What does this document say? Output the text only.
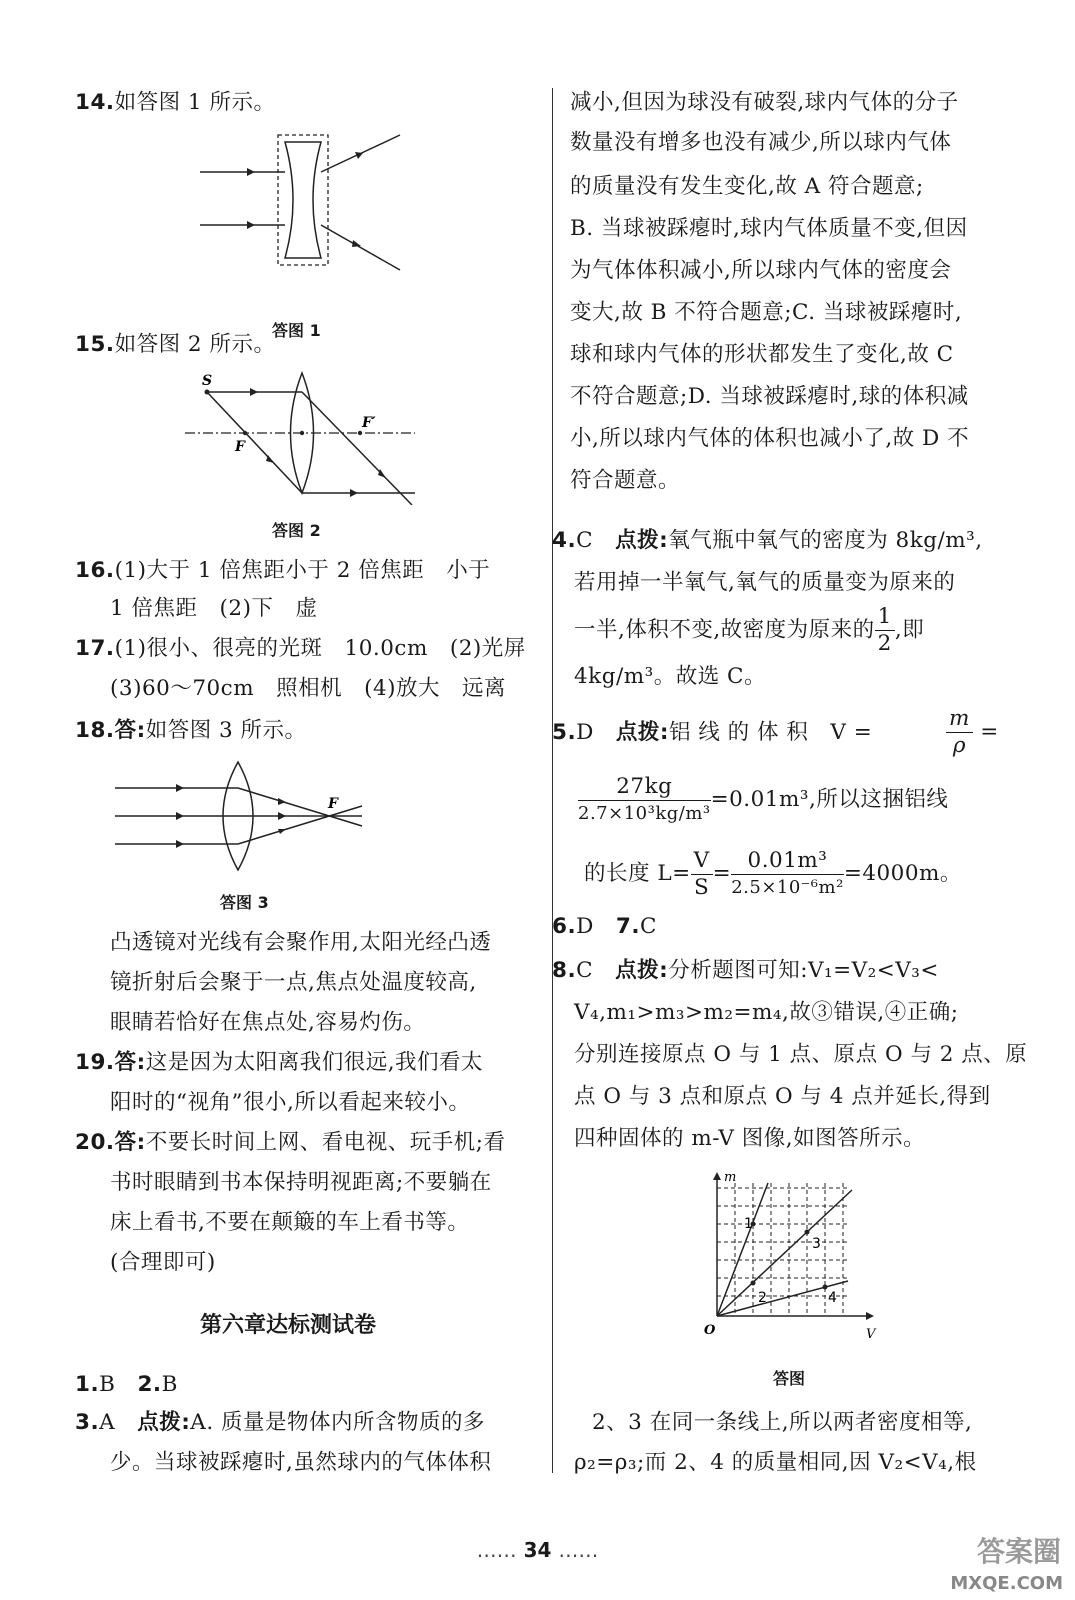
14.如答图 1 所示。
答图 1
15.如答图 2 所示。
S
F
F′
答图 2
16.(1)大于 1 倍焦距小于 2 倍焦距　小于
1 倍焦距　(2)下　虚
17.(1)很小、很亮的光斑　10.0cm　(2)光屏
(3)60～70cm　照相机　(4)放大　远离
18.答:如答图 3 所示。
F
答图 3
凸透镜对光线有会聚作用,太阳光经凸透
镜折射后会聚于一点,焦点处温度较高,
眼睛若恰好在焦点处,容易灼伤。
19.答:这是因为太阳离我们很远,我们看太
阳时的“视角”很小,所以看起来较小。
20.答:不要长时间上网、看电视、玩手机;看
书时眼睛到书本保持明视距离;不要躺在
床上看书,不要在颠簸的车上看书等。
(合理即可)
第六章达标测试卷
1.B　 2.B
3.A　 点拨:A. 质量是物体内所含物质的多
少。当球被踩瘪时,虽然球内的气体体积
减小,但因为球没有破裂,球内气体的分子
数量没有增多也没有减少,所以球内气体
的质量没有发生变化,故 A 符合题意;
B. 当球被踩瘪时,球内气体质量不变,但因
为气体体积减小,所以球内气体的密度会
变大,故 B 不符合题意;C. 当球被踩瘪时,
球和球内气体的形状都发生了变化,故 C
不符合题意;D. 当球被踩瘪时,球的体积减
小,所以球内气体的体积也减小了,故 D 不
符合题意。
4.C　 点拨:氧气瓶中氧气的密度为 8kg/m³,
若用掉一半氧气,氧气的质量变为原来的
一半,体积不变,故密度为原来的 $\frac{1}{2}$ ,即
4kg/m³。故选 C。
5.D　 点拨:铝 线 的 体 积　V =	$\frac{m}{\rho}$ =
$\frac{27kg}{\text{2.7×10³kg/m³}} =0.01m^3$,所以这捆铝线
的长度 $L= \frac{V}{S} = \frac{\text{0.01m³}}{\text{2.5×10⁻⁶m²}} =4000m$。
6.D　 7.C
8.C　 点拨:分析题图可知:V₁=V₂<V₃<
V₄,m₁>m₃>m₂=m₄,故③错误,④正确;
分别连接原点 O 与 1 点、原点 O 与 2 点、原
点 O 与 3 点和原点 O 与 4 点并延长,得到
四种固体的 m-V 图像,如图答所示。
m
V
O
1
2
3
4
答图
2、3 在同一条线上,所以两者密度相等,
ρ₂=ρ₃;而 2、4 的质量相同,因 V₂<V₄,根
…… 34 ……	答案圈
MXQE.COM
